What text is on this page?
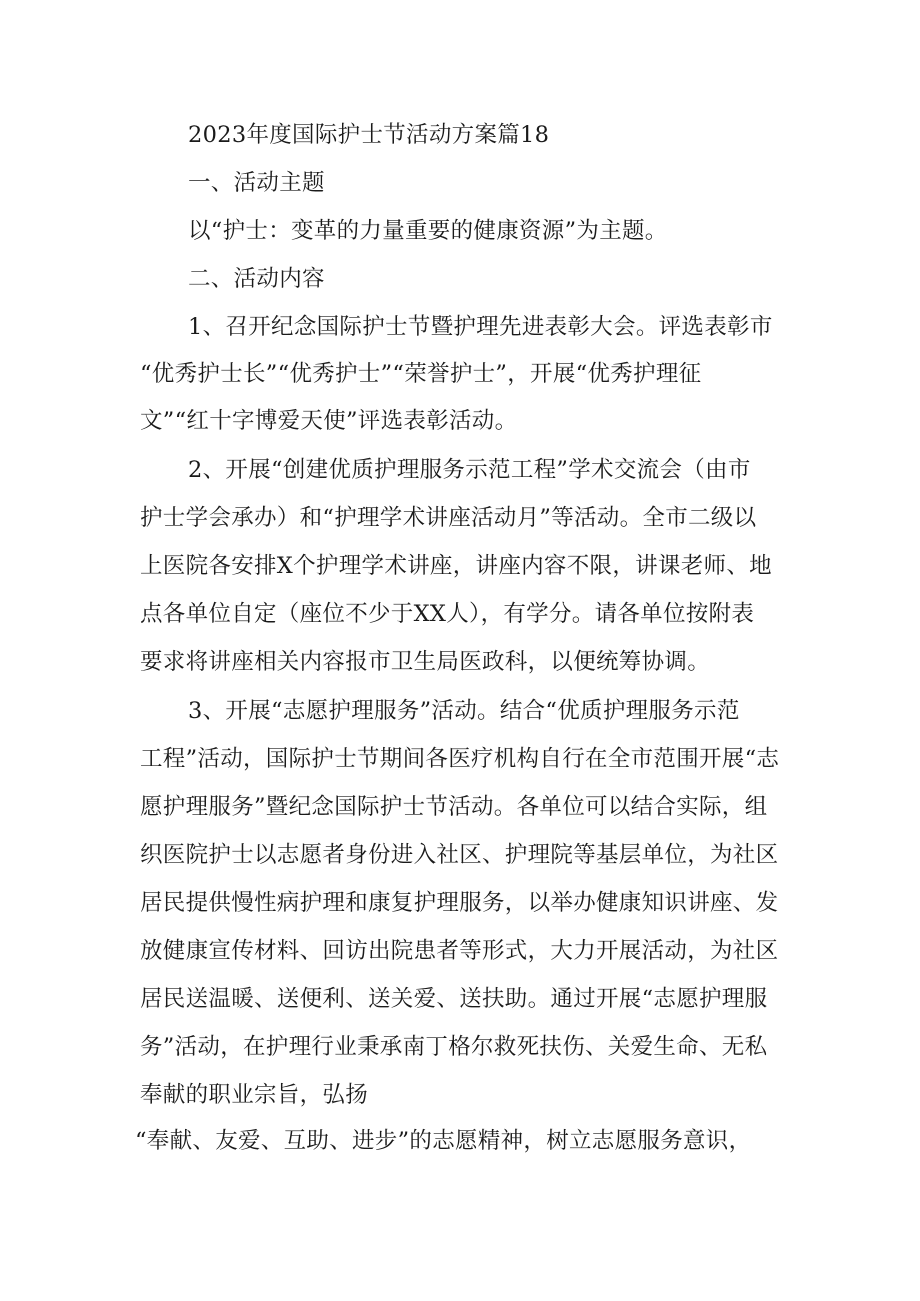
2023年度国际护士节活动方案篇18
一、活动主题
以“护士：变革的力量重要的健康资源”为主题。
二、活动内容
1、召开纪念国际护士节暨护理先进表彰大会。评选表彰市
“优秀护士长”“优秀护士”“荣誉护士”，开展“优秀护理征
文”“红十字博爱天使”评选表彰活动。
2、开展“创建优质护理服务示范工程”学术交流会（由市
护士学会承办）和“护理学术讲座活动月”等活动。全市二级以
上医院各安排X个护理学术讲座，讲座内容不限，讲课老师、地
点各单位自定（座位不少于XX人），有学分。请各单位按附表
要求将讲座相关内容报市卫生局医政科，以便统筹协调。
3、开展“志愿护理服务”活动。结合“优质护理服务示范
工程”活动，国际护士节期间各医疗机构自行在全市范围开展“志
愿护理服务”暨纪念国际护士节活动。各单位可以结合实际，组
织医院护士以志愿者身份进入社区、护理院等基层单位，为社区
居民提供慢性病护理和康复护理服务，以举办健康知识讲座、发
放健康宣传材料、回访出院患者等形式，大力开展活动，为社区
居民送温暖、送便利、送关爱、送扶助。通过开展“志愿护理服
务”活动，在护理行业秉承南丁格尔救死扶伤、关爱生命、无私
奉献的职业宗旨，弘扬
“奉献、友爱、互助、进步”的志愿精神，树立志愿服务意识，
